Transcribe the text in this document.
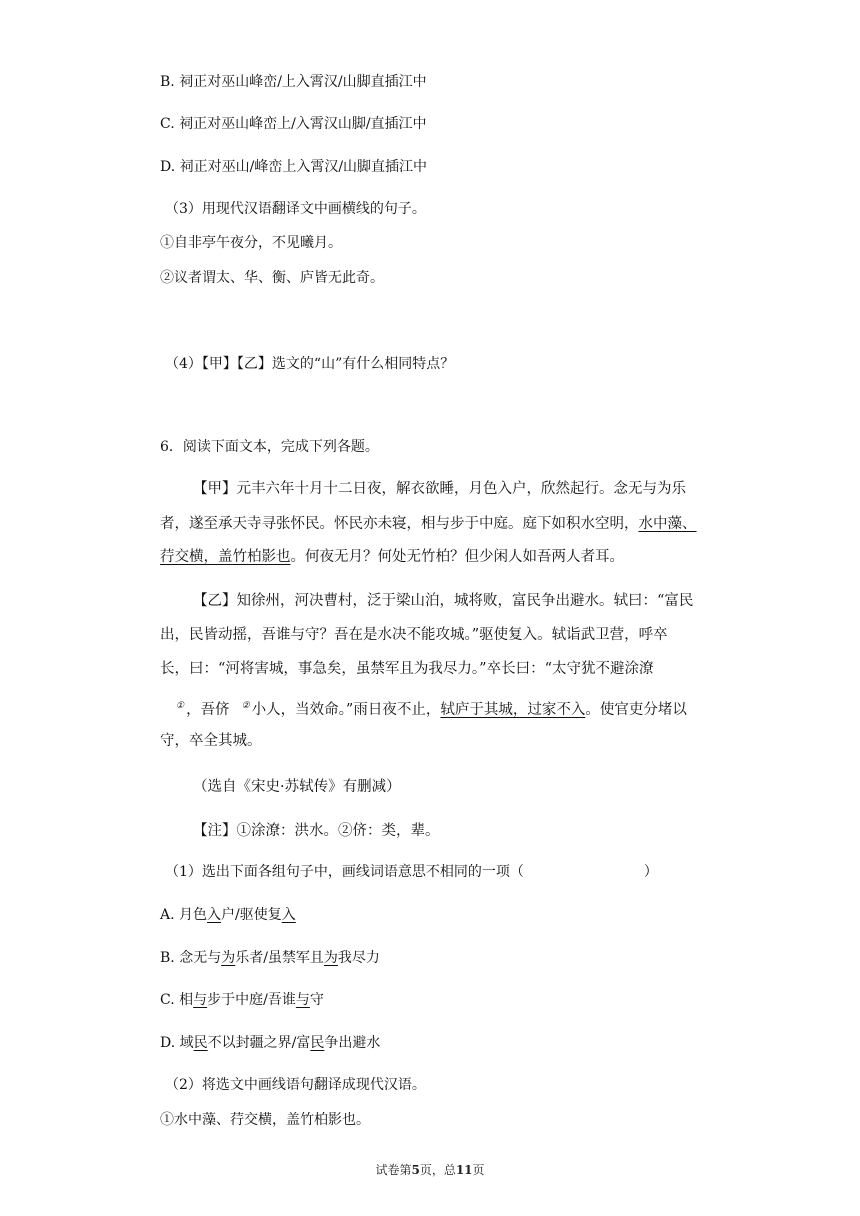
B. 祠正对巫山峰峦/上入霄汉/山脚直插江中
C. 祠正对巫山峰峦上/入霄汉山脚/直插江中
D. 祠正对巫山/峰峦上入霄汉/山脚直插江中
（3）用现代汉语翻译文中画横线的句子。
①自非亭午夜分，不见曦月。
②议者谓太、华、衡、庐皆无此奇。
（4）【甲】【乙】选文的“山”有什么相同特点？
6．阅读下面文本，完成下列各题。
【甲】元丰六年十月十二日夜，解衣欲睡，月色入户，欣然起行。念无与为乐
者，遂至承天寺寻张怀民。怀民亦未寝，相与步于中庭。庭下如积水空明，水中藻、
荇交横，盖竹柏影也。何夜无月？何处无竹柏？但少闲人如吾两人者耳。
【乙】知徐州，河决曹村，泛于梁山泊，城将败，富民争出避水。轼曰：“富民
出，民皆动摇，吾谁与守？吾在是水决不能攻城。”驱使复入。轼诣武卫营，呼卒
长，曰：“河将害城，事急矣，虽禁军且为我尽力。”卒长曰：“太守犹不避涂潦
① ，吾侪 ② 小人，当效命。”雨日夜不止，轼庐于其城，过家不入。使官吏分堵以
守，卒全其城。
（选自《宋史·苏轼传》有删减）
【注】①涂潦：洪水。②侪：类，辈。
（1）选出下面各组句子中，画线词语意思不相同的一项（	）
A. 月色入户/驱使复入
B. 念无与为乐者/虽禁军且为我尽力
C. 相与步于中庭/吾谁与守
D. 域民不以封疆之界/富民争出避水
（2）将选文中画线语句翻译成现代汉语。
①水中藻、荇交横，盖竹柏影也。
试卷第5页，总11页
